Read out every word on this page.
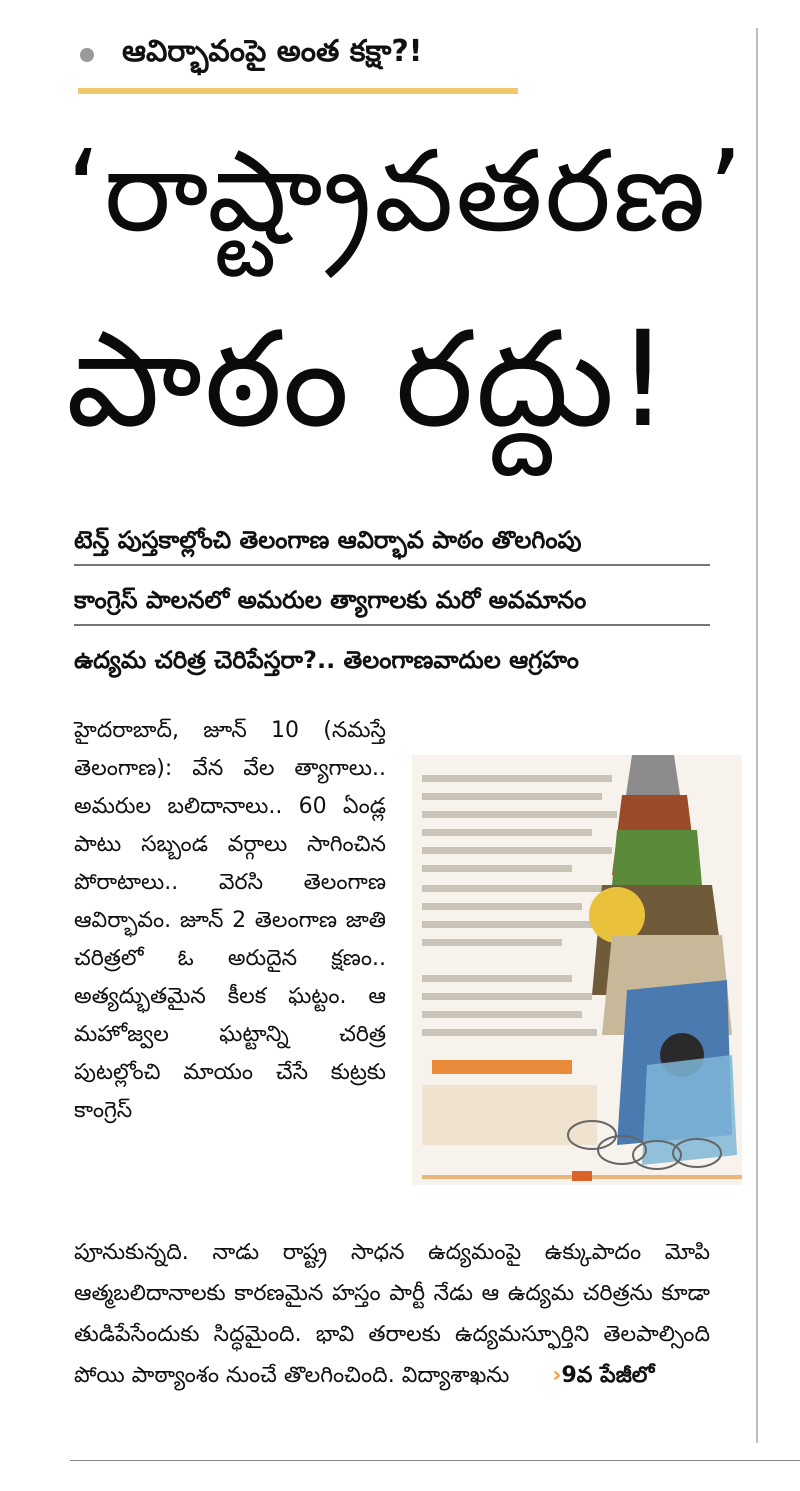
ఆవిర్భావంపై అంత కక్షా?!
‘రాష్ట్రావతరణ’
పాఠం రద్దు!
టెన్త్ పుస్తకాల్లోంచి తెలంగాణ ఆవిర్భావ పాఠం తొలగింపు
కాంగ్రెస్ పాలనలో అమరుల త్యాగాలకు మరో అవమానం
ఉద్యమ చరిత్ర చెరిపేస్తరా?.. తెలంగాణవాదుల ఆగ్రహం
హైదరాబాద్, జూన్ 10 (నమస్తే తెలంగాణ): వేన వేల త్యాగాలు.. అమరుల బలిదానాలు.. 60 ఏండ్ల పాటు సబ్బండ వర్గాలు సాగించిన పోరాటాలు.. వెరసి తెలంగాణ ఆవిర్భావం. జూన్ 2 తెలంగాణ జాతి చరిత్రలో ఓ అరుదైన క్షణం.. అత్యద్భుతమైన కీలక ఘట్టం. ఆ మహోజ్వల ఘట్టాన్ని చరిత్ర పుటల్లోంచి మాయం చేసే కుట్రకు కాంగ్రెస్
పూనుకున్నది. నాడు రాష్ట్ర సాధన ఉద్యమంపై ఉక్కుపాదం మోపి ఆత్మబలిదానాలకు కారణమైన హస్తం పార్టీ నేడు ఆ ఉద్యమ చరిత్రను కూడా తుడిపేసేందుకు సిద్ధమైంది. భావి తరాలకు ఉద్యమస్ఫూర్తిని తెలపాల్సింది పోయి పాఠ్యాంశం నుంచే తొలగించింది. విద్యాశాఖను ›9వ పేజీలో
